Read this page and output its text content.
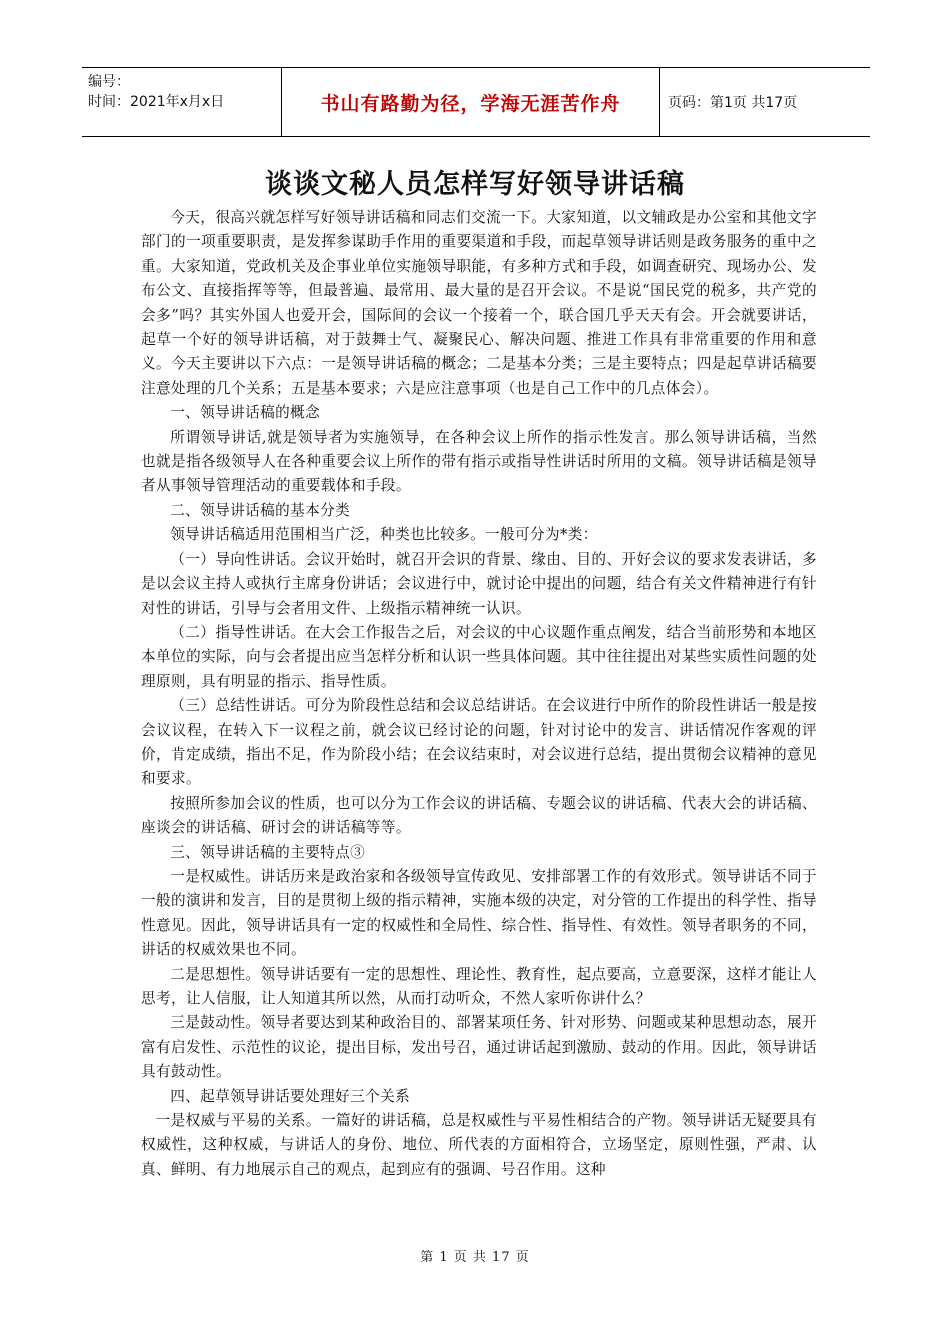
编号：
时间：2021年x月x日	书山有路勤为径，学海无涯苦作舟	页码：第1页 共17页
谈谈文秘人员怎样写好领导讲话稿

今天，很高兴就怎样写好领导讲话稿和同志们交流一下。大家知道，以文辅政是办公室和其他文字部门的一项重要职责，是发挥参谋助手作用的重要渠道和手段，而起草领导讲话则是政务服务的重中之重。大家知道，党政机关及企事业单位实施领导职能，有多种方式和手段，如调查研究、现场办公、发布公文、直接指挥等等，但最普遍、最常用、最大量的是召开会议。不是说“国民党的税多，共产党的会多”吗？其实外国人也爱开会，国际间的会议一个接着一个，联合国几乎天天有会。开会就要讲话，起草一个好的领导讲话稿，对于鼓舞士气、凝聚民心、解决问题、推进工作具有非常重要的作用和意义。今天主要讲以下六点：一是领导讲话稿的概念；二是基本分类；三是主要特点；四是起草讲话稿要注意处理的几个关系；五是基本要求；六是应注意事项（也是自己工作中的几点体会）。

一、领导讲话稿的概念

所谓领导讲话,就是领导者为实施领导，在各种会议上所作的指示性发言。那么领导讲话稿，当然也就是指各级领导人在各种重要会议上所作的带有指示或指导性讲话时所用的文稿。领导讲话稿是领导者从事领导管理活动的重要载体和手段。

二、领导讲话稿的基本分类

领导讲话稿适用范围相当广泛，种类也比较多。一般可分为*类：

（一）导向性讲话。会议开始时，就召开会识的背景、缘由、目的、开好会议的要求发表讲话，多是以会议主持人或执行主席身份讲话；会议进行中，就讨论中提出的问题，结合有关文件精神进行有针对性的讲话，引导与会者用文件、上级指示精神统一认识。

（二）指导性讲话。在大会工作报告之后，对会议的中心议题作重点阐发，结合当前形势和本地区本单位的实际，向与会者提出应当怎样分析和认识一些具体问题。其中往往提出对某些实质性问题的处理原则，具有明显的指示、指导性质。

（三）总结性讲话。可分为阶段性总结和会议总结讲话。在会议进行中所作的阶段性讲话一般是按会议议程，在转入下一议程之前，就会议已经讨论的问题，针对讨论中的发言、讲话情况作客观的评价，肯定成绩，指出不足，作为阶段小结；在会议结束时，对会议进行总结，提出贯彻会议精神的意见和要求。

按照所参加会议的性质，也可以分为工作会议的讲话稿、专题会议的讲话稿、代表大会的讲话稿、座谈会的讲话稿、研讨会的讲话稿等等。

三、领导讲话稿的主要特点③

一是权威性。讲话历来是政治家和各级领导宣传政见、安排部署工作的有效形式。领导讲话不同于一般的演讲和发言，目的是贯彻上级的指示精神，实施本级的决定，对分管的工作提出的科学性、指导性意见。因此，领导讲话具有一定的权威性和全局性、综合性、指导性、有效性。领导者职务的不同，讲话的权威效果也不同。

二是思想性。领导讲话要有一定的思想性、理论性、教育性，起点要高，立意要深，这样才能让人思考，让人信服，让人知道其所以然，从而打动听众，不然人家听你讲什么？

三是鼓动性。领导者要达到某种政治目的、部署某项任务、针对形势、问题或某种思想动态，展开富有启发性、示范性的议论，提出目标，发出号召，通过讲话起到激励、鼓动的作用。因此，领导讲话具有鼓动性。

四、起草领导讲话要处理好三个关系

一是权威与平易的关系。一篇好的讲话稿，总是权威性与平易性相结合的产物。领导讲话无疑要具有权威性，这种权威，与讲话人的身份、地位、所代表的方面相符合，立场坚定，原则性强，严肃、认真、鲜明、有力地展示自己的观点，起到应有的强调、号召作用。这种

第 1 页 共 17 页
